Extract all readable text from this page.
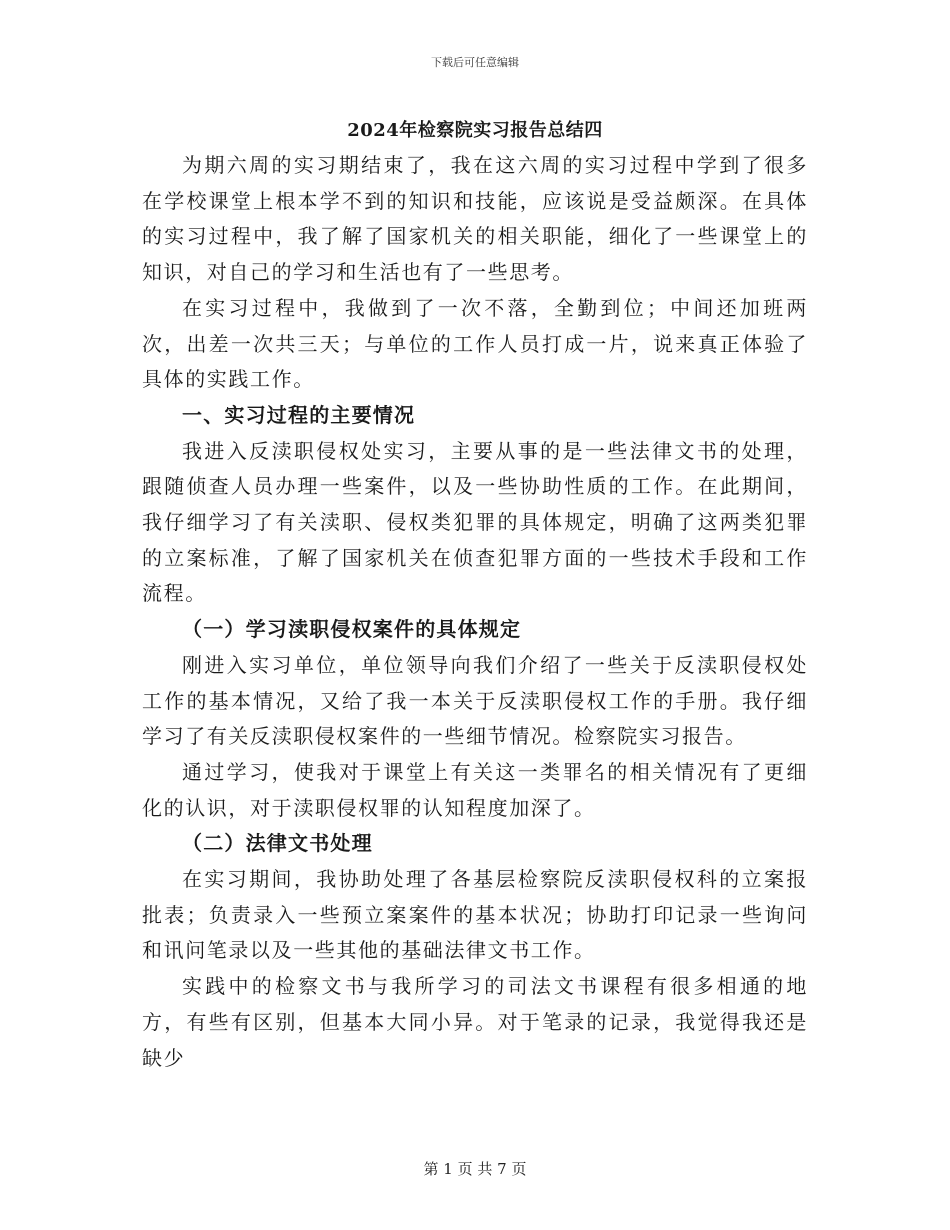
下载后可任意编辑
2024年检察院实习报告总结四

为期六周的实习期结束了，我在这六周的实习过程中学到了很多在学校课堂上根本学不到的知识和技能，应该说是受益颇深。在具体的实习过程中，我了解了国家机关的相关职能，细化了一些课堂上的知识，对自己的学习和生活也有了一些思考。

在实习过程中，我做到了一次不落，全勤到位；中间还加班两次，出差一次共三天；与单位的工作人员打成一片，说来真正体验了具体的实践工作。

一、实习过程的主要情况

我进入反渎职侵权处实习，主要从事的是一些法律文书的处理，跟随侦查人员办理一些案件，以及一些协助性质的工作。在此期间，我仔细学习了有关渎职、侵权类犯罪的具体规定，明确了这两类犯罪的立案标准，了解了国家机关在侦查犯罪方面的一些技术手段和工作流程。

（一）学习渎职侵权案件的具体规定

刚进入实习单位，单位领导向我们介绍了一些关于反渎职侵权处工作的基本情况，又给了我一本关于反渎职侵权工作的手册。我仔细学习了有关反渎职侵权案件的一些细节情况。检察院实习报告。

通过学习，使我对于课堂上有关这一类罪名的相关情况有了更细化的认识，对于渎职侵权罪的认知程度加深了。

（二）法律文书处理

在实习期间，我协助处理了各基层检察院反渎职侵权科的立案报批表；负责录入一些预立案案件的基本状况；协助打印记录一些询问和讯问笔录以及一些其他的基础法律文书工作。

实践中的检察文书与我所学习的司法文书课程有很多相通的地方，有些有区别，但基本大同小异。对于笔录的记录，我觉得我还是缺少

第 1 页 共 7 页
